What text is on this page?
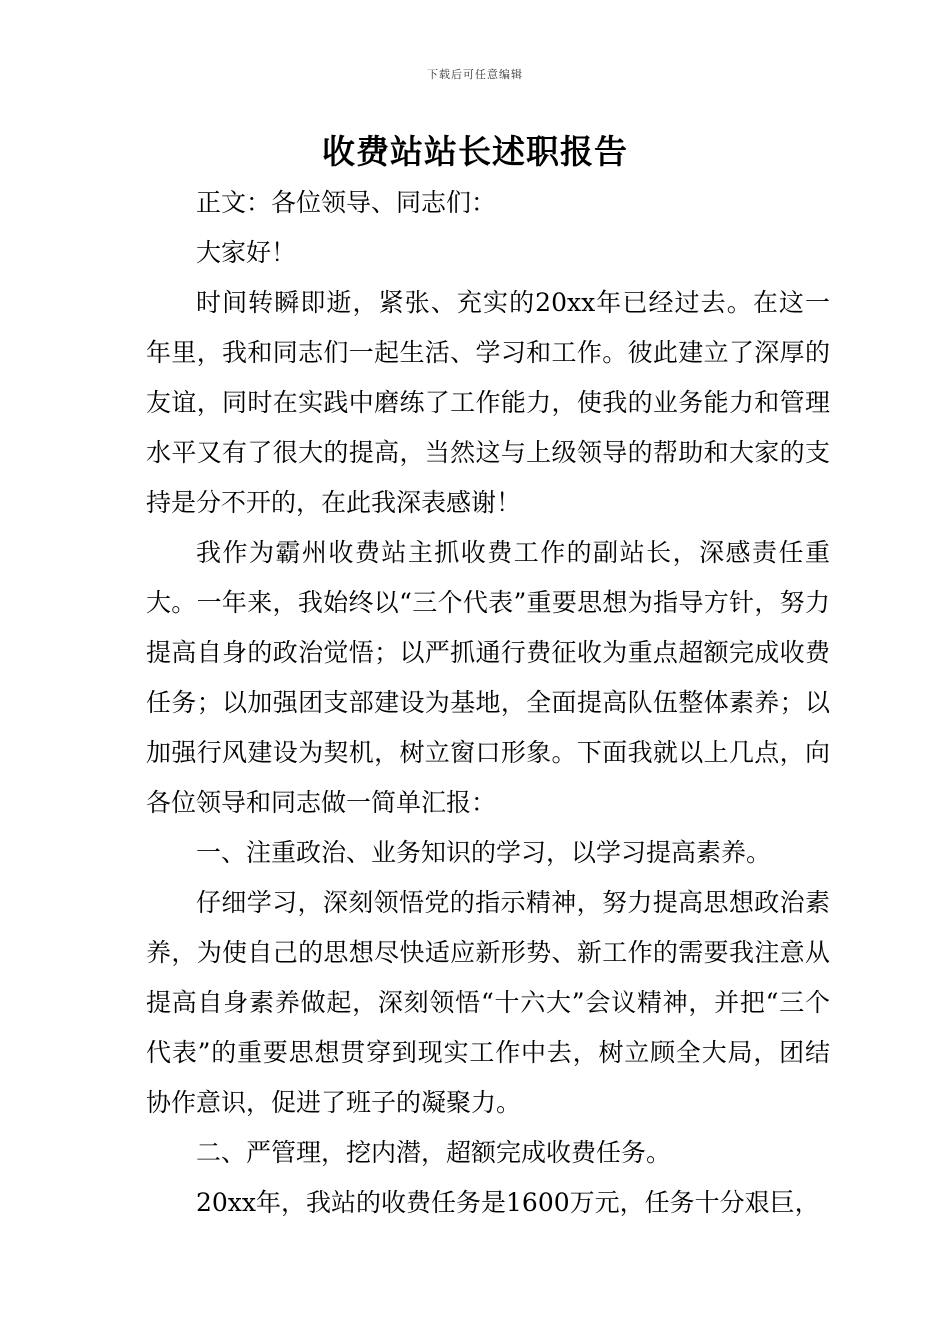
下载后可任意编辑
收费站站长述职报告

正文：各位领导、同志们：

大家好！

时间转瞬即逝，紧张、充实的20xx年已经过去。在这一年里，我和同志们一起生活、学习和工作。彼此建立了深厚的友谊，同时在实践中磨练了工作能力，使我的业务能力和管理水平又有了很大的提高，当然这与上级领导的帮助和大家的支持是分不开的，在此我深表感谢！

我作为霸州收费站主抓收费工作的副站长，深感责任重大。一年来，我始终以“三个代表”重要思想为指导方针，努力提高自身的政治觉悟；以严抓通行费征收为重点超额完成收费任务；以加强团支部建设为基地，全面提高队伍整体素养；以加强行风建设为契机，树立窗口形象。下面我就以上几点，向各位领导和同志做一简单汇报：

一、注重政治、业务知识的学习，以学习提高素养。

仔细学习，深刻领悟党的指示精神，努力提高思想政治素养，为使自己的思想尽快适应新形势、新工作的需要我注意从提高自身素养做起，深刻领悟“十六大”会议精神，并把“三个代表”的重要思想贯穿到现实工作中去，树立顾全大局，团结协作意识，促进了班子的凝聚力。

二、严管理，挖内潜，超额完成收费任务。

20xx年，我站的收费任务是1600万元，任务十分艰巨，
